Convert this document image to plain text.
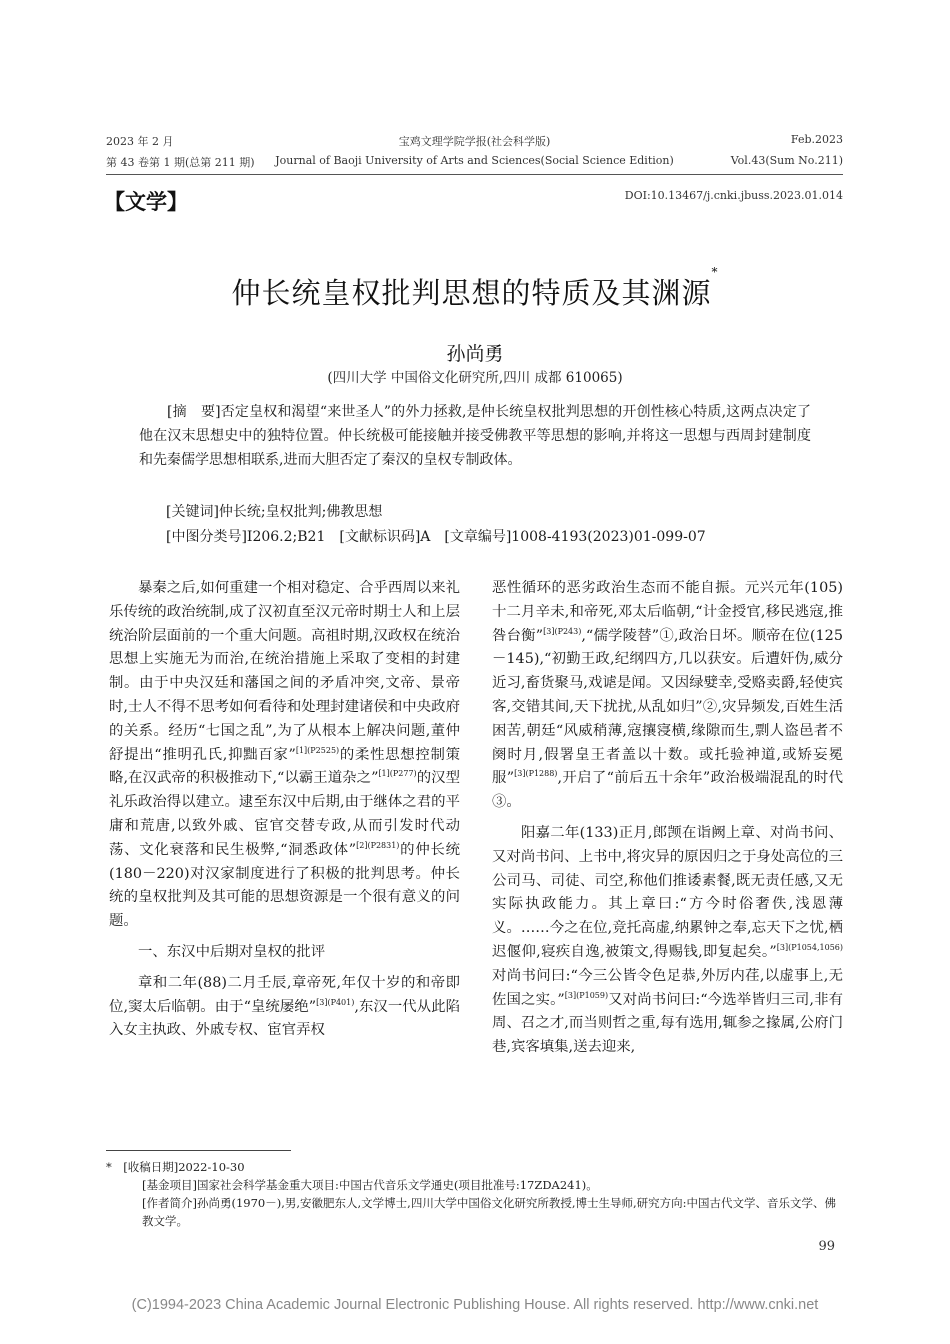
2023 年 2 月	宝鸡文理学院学报(社会科学版)	Feb.2023
第 43 卷第 1 期(总第 211 期)	Journal of Baoji University of Arts and Sciences(Social Science Edition)	Vol.43(Sum No.211)
【文学】	DOI:10.13467/j.cnki.jbuss.2023.01.014
仲长统皇权批判思想的特质及其渊源*
孙尚勇
(四川大学 中国俗文化研究所,四川 成都 610065)

[摘　要]否定皇权和渴望“来世圣人”的外力拯救,是仲长统皇权批判思想的开创性核心特质,这两点决定了他在汉末思想史中的独特位置。仲长统极可能接触并接受佛教平等思想的影响,并将这一思想与西周封建制度和先秦儒学思想相联系,进而大胆否定了秦汉的皇权专制政体。

[关键词]仲长统;皇权批判;佛教思想
[中图分类号]I206.2;B21　[文献标识码]A　[文章编号]1008-4193(2023)01-099-07

暴秦之后,如何重建一个相对稳定、合乎西周以来礼乐传统的政治统制,成了汉初直至汉元帝时期士人和上层统治阶层面前的一个重大问题。高祖时期,汉政权在统治思想上实施无为而治,在统治措施上采取了变相的封建制。由于中央汉廷和藩国之间的矛盾冲突,文帝、景帝时,士人不得不思考如何看待和处理封建诸侯和中央政府的关系。经历“七国之乱”,为了从根本上解决问题,董仲舒提出“推明孔氏,抑黜百家”$^{[1](P2525)}$的柔性思想控制策略,在汉武帝的积极推动下,“以霸王道杂之”$^{[1](P277)}$的汉型礼乐政治得以建立。逮至东汉中后期,由于继体之君的平庸和荒唐,以致外戚、宦官交替专政,从而引发时代动荡、文化衰落和民生极弊,“洞悉政体”$^{[2](P2831)}$的仲长统(180－220)对汉家制度进行了积极的批判思考。仲长统的皇权批判及其可能的思想资源是一个很有意义的问题。

一、东汉中后期对皇权的批评

章和二年(88)二月壬辰,章帝死,年仅十岁的和帝即位,窦太后临朝。由于“皇统屡绝”$^{[3](P401)}$,东汉一代从此陷入女主执政、外戚专权、宦官弄权

恶性循环的恶劣政治生态而不能自振。元兴元年(105)十二月辛未,和帝死,邓太后临朝,“计金授官,移民逃寇,推咎台衡”$^{[3](P243)}$,“儒学陵替”①,政治日坏。顺帝在位(125－145),“初勤王政,纪纲四方,几以获安。后遭奸伪,威分近习,畜货聚马,戏谑是闻。又因绿嬖幸,受赂卖爵,轻使宾客,交错其间,天下扰扰,从乱如归”②,灾异频发,百姓生活困苦,朝廷“风威稍薄,寇攘寖横,缘隙而生,剽人盗邑者不阕时月,假署皇王者盖以十数。或托验神道,或矫妄冕服”$^{[3](P1288)}$,开启了“前后五十余年”政治极端混乱的时代③。

阳嘉二年(133)正月,郎𫖮在诣阙上章、对尚书问、又对尚书问、上书中,将灾异的原因归之于身处高位的三公司马、司徒、司空,称他们推诿素餐,既无责任感,又无实际执政能力。其上章曰:“方今时俗奢佚,浅恩薄义。……今之在位,竞托高虚,纳累钟之奉,忘天下之忧,栖迟偃仰,寝疾自逸,被策文,得赐钱,即复起矣。”$^{[3](P1054,1056)}$对尚书问曰:“今三公皆令色足恭,外厉内荏,以虚事上,无佐国之实。”$^{[3](P1059)}$又对尚书问曰:“今选举皆归三司,非有周、召之才,而当则哲之重,每有选用,辄参之掾属,公府门巷,宾客填集,送去迎来,

*　[收稿日期]2022-10-30

[基金项目]国家社会科学基金重大项目:中国古代音乐文学通史(项目批准号:17ZDA241)。

[作者简介]孙尚勇(1970－),男,安徽肥东人,文学博士,四川大学中国俗文化研究所教授,博士生导师,研究方向:中国古代文学、音乐文学、佛教文学。

99
(C)1994-2023 China Academic Journal Electronic Publishing House. All rights reserved. http://www.cnki.net
